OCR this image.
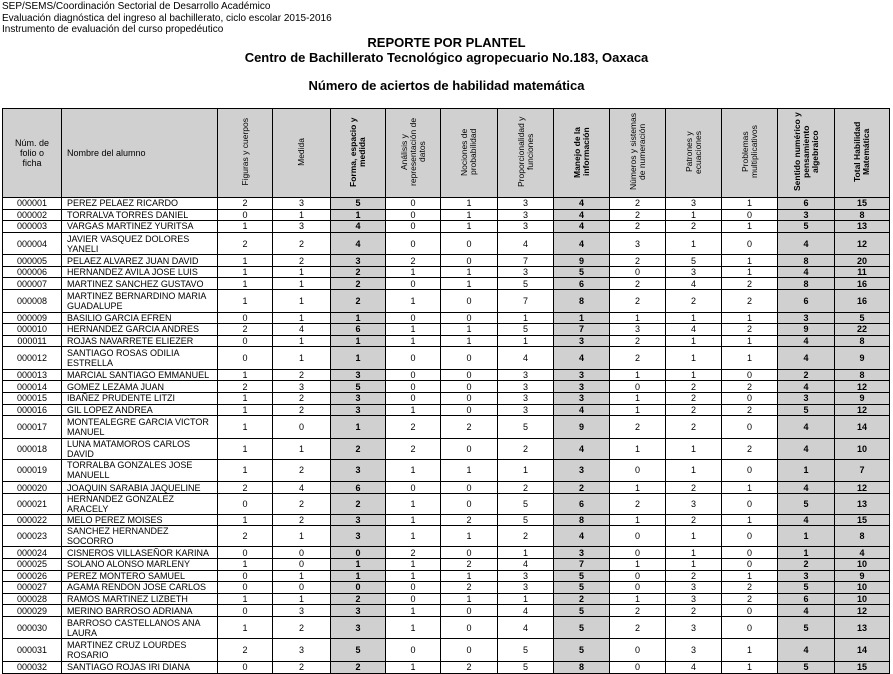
SEP/SEMS/Coordinación Sectorial de Desarrollo Académico
Evaluación diagnóstica del ingreso al bachillerato, ciclo escolar 2015-2016
Instrumento de evaluación del curso propedéutico
REPORTE POR PLANTEL
Centro de Bachillerato Tecnológico agropecuario No.183, Oaxaca
Número de aciertos de habilidad matemática
Núm. de folio o ficha	Nombre del alumno	Figuras y cuerpos	Medida	Forma, espacio y medida	Análisis y representación de datos	Nociones de probabilidad	Proporcionalidad y funciones	Manejo de la información	Números y sistemas de numeración	Patrones y ecuaciones	Problemas multiplicativos	Sentido numérico y pensamiento algebraico	Total Habilidad Matemática
000001	PEREZ PELAEZ RICARDO	2	3	5	0	1	3	4	2	3	1	6	15
000002	TORRALVA TORRES DANIEL	0	1	1	0	1	3	4	2	1	0	3	8
000003	VARGAS MARTINEZ YURITSA	1	3	4	0	1	3	4	2	2	1	5	13
000004	JAVIER VASQUEZ DOLORES YANELI	2	2	4	0	0	4	4	3	1	0	4	12
000005	PELAEZ ALVAREZ JUAN DAVID	1	2	3	2	0	7	9	2	5	1	8	20
000006	HERNANDEZ AVILA JOSE LUIS	1	1	2	1	1	3	5	0	3	1	4	11
000007	MARTINEZ SANCHEZ GUSTAVO	1	1	2	0	1	5	6	2	4	2	8	16
000008	MARTINEZ BERNARDINO MARIA GUADALUPE	1	1	2	1	0	7	8	2	2	2	6	16
000009	BASILIO GARCIA EFREN	0	1	1	0	0	1	1	1	1	1	3	5
000010	HERNANDEZ GARCIA ANDRES	2	4	6	1	1	5	7	3	4	2	9	22
000011	ROJAS NAVARRETE ELIEZER	0	1	1	1	1	1	3	2	1	1	4	8
000012	SANTIAGO ROSAS ODILIA ESTRELLA	0	1	1	0	0	4	4	2	1	1	4	9
000013	MARCIAL SANTIAGO EMMANUEL	1	2	3	0	0	3	3	1	1	0	2	8
000014	GOMEZ LEZAMA JUAN	2	3	5	0	0	3	3	0	2	2	4	12
000015	IBAÑEZ PRUDENTE LITZI	1	2	3	0	0	3	3	1	2	0	3	9
000016	GIL LOPEZ ANDREA	1	2	3	1	0	3	4	1	2	2	5	12
000017	MONTEALEGRE GARCIA VICTOR MANUEL	1	0	1	2	2	5	9	2	2	0	4	14
000018	LUNA MATAMOROS CARLOS DAVID	1	1	2	2	0	2	4	1	1	2	4	10
000019	TORRALBA GONZALES JOSE MANUELL	1	2	3	1	1	1	3	0	1	0	1	7
000020	JOAQUIN SARABIA JAQUELINE	2	4	6	0	0	2	2	1	2	1	4	12
000021	HERNANDEZ GONZALEZ ARACELY	0	2	2	1	0	5	6	2	3	0	5	13
000022	MELO PEREZ MOISES	1	2	3	1	2	5	8	1	2	1	4	15
000023	SANCHEZ HERNANDEZ SOCORRO	2	1	3	1	1	2	4	0	1	0	1	8
000024	CISNEROS VILLASEÑOR KARINA	0	0	0	2	0	1	3	0	1	0	1	4
000025	SOLANO ALONSO MARLENY	1	0	1	1	2	4	7	1	1	0	2	10
000026	PEREZ MONTERO SAMUEL	0	1	1	1	1	3	5	0	2	1	3	9
000027	AGAMA RENDON JOSE CARLOS	0	0	0	0	2	3	5	0	3	2	5	10
000028	RAMOS MARTINEZ LIZBETH	1	1	2	0	1	1	2	1	3	2	6	10
000029	MERINO BARROSO ADRIANA	0	3	3	1	0	4	5	2	2	0	4	12
000030	BARROSO CASTELLANOS ANA LAURA	1	2	3	1	0	4	5	2	3	0	5	13
000031	MARTINEZ CRUZ LOURDES ROSARIO	2	3	5	0	0	5	5	0	3	1	4	14
000032	SANTIAGO ROJAS IRI DIANA	0	2	2	1	2	5	8	0	4	1	5	15
